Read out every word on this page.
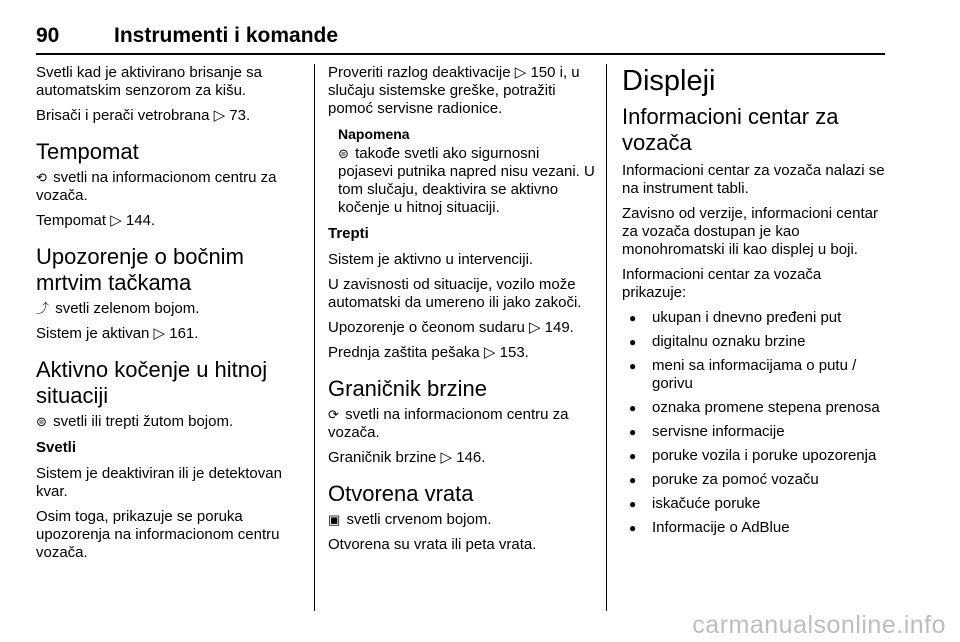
90	Instrumenti i komande

Svetli kad je aktivirano brisanje sa automatskim senzorom za kišu.

Brisači i perači vetrobrana ▷ 73.

Tempomat

⟲ svetli na informacionom centru za vozača.

Tempomat ▷ 144.

Upozorenje o bočnim mrtvim tačkama

⤴ svetli zelenom bojom.

Sistem je aktivan ▷ 161.

Aktivno kočenje u hitnoj situaciji

⊜ svetli ili trepti žutom bojom.

Svetli

Sistem je deaktiviran ili je detektovan kvar.

Osim toga, prikazuje se poruka upozorenja na informacionom centru vozača.

Proveriti razlog deaktivacije ▷ 150 i, u slučaju sistemske greške, potražiti pomoć servisne radionice.

Napomena

⊜ takođe svetli ako sigurnosni pojasevi putnika napred nisu vezani. U tom slučaju, deaktivira se aktivno kočenje u hitnoj situaciji.

Trepti

Sistem je aktivno u intervenciji.

U zavisnosti od situacije, vozilo može automatski da umereno ili jako zakoči.

Upozorenje o čeonom sudaru ▷ 149.

Prednja zaštita pešaka ▷ 153.

Graničnik brzine

⟳ svetli na informacionom centru za vozača.

Graničnik brzine ▷ 146.

Otvorena vrata

▣ svetli crvenom bojom.

Otvorena su vrata ili peta vrata.

Displeji
Informacioni centar za vozača

Informacioni centar za vozača nalazi se na instrument tabli.

Zavisno od verzije, informacioni centar za vozača dostupan je kao monohromatski ili kao displej u boji.

Informacioni centar za vozača prikazuje:

● ukupan i dnevno pređeni put
● digitalnu oznaku brzine
● meni sa informacijama o putu / gorivu
● oznaka promene stepena prenosa
● servisne informacije
● poruke vozila i poruke upozorenja
● poruke za pomoć vozaču
● iskačuće poruke
● Informacije o AdBlue
carmanualsonline.info
